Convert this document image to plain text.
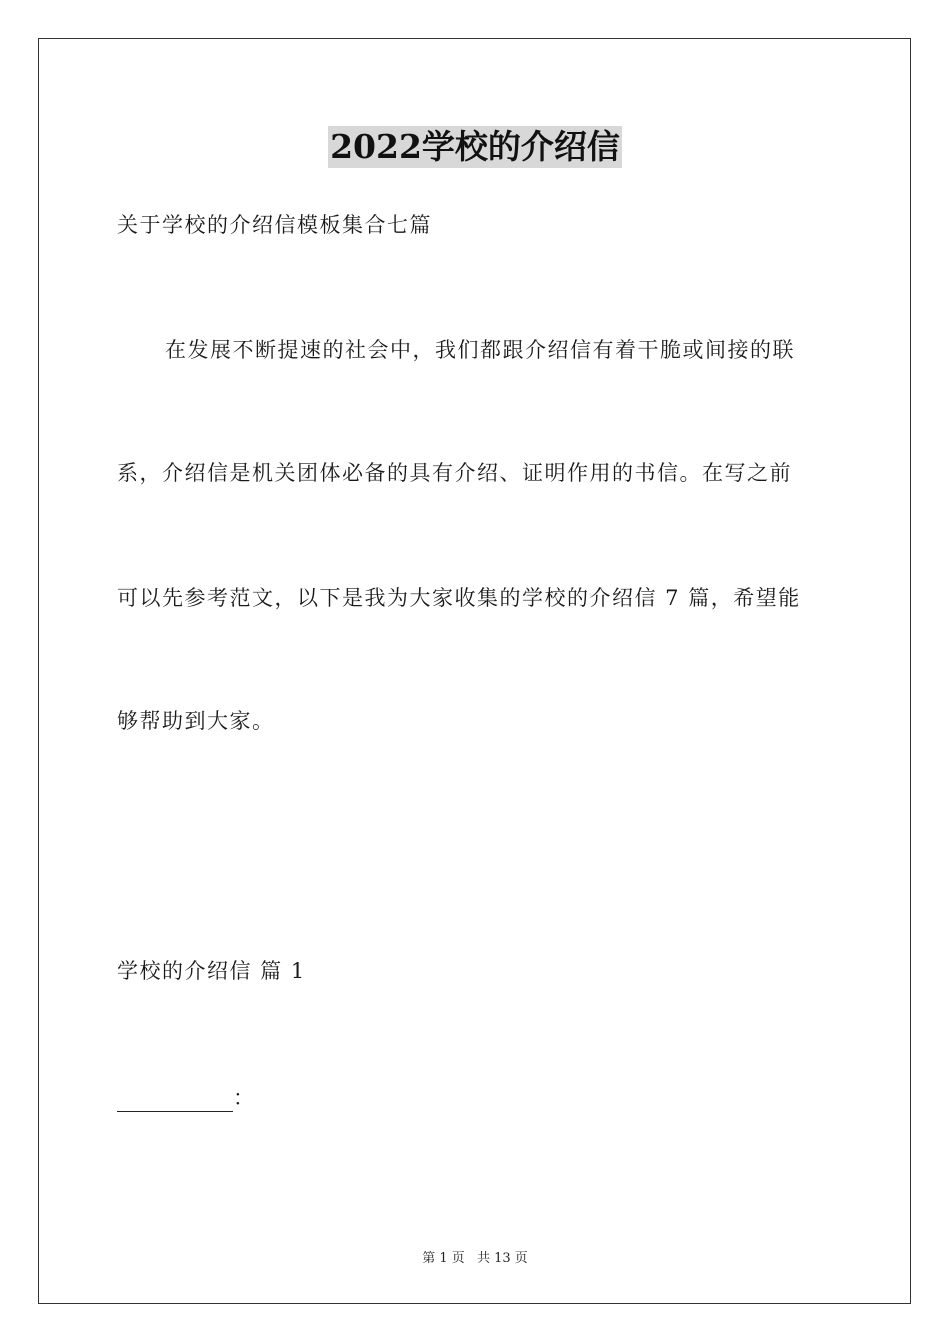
2022学校的介绍信
关于学校的介绍信模板集合七篇
在发展不断提速的社会中，我们都跟介绍信有着干脆或间接的联
系，介绍信是机关团体必备的具有介绍、证明作用的书信。在写之前
可以先参考范文，以下是我为大家收集的学校的介绍信 7 篇，希望能
够帮助到大家。
学校的介绍信 篇 1
：
第 1 页 共 13 页
